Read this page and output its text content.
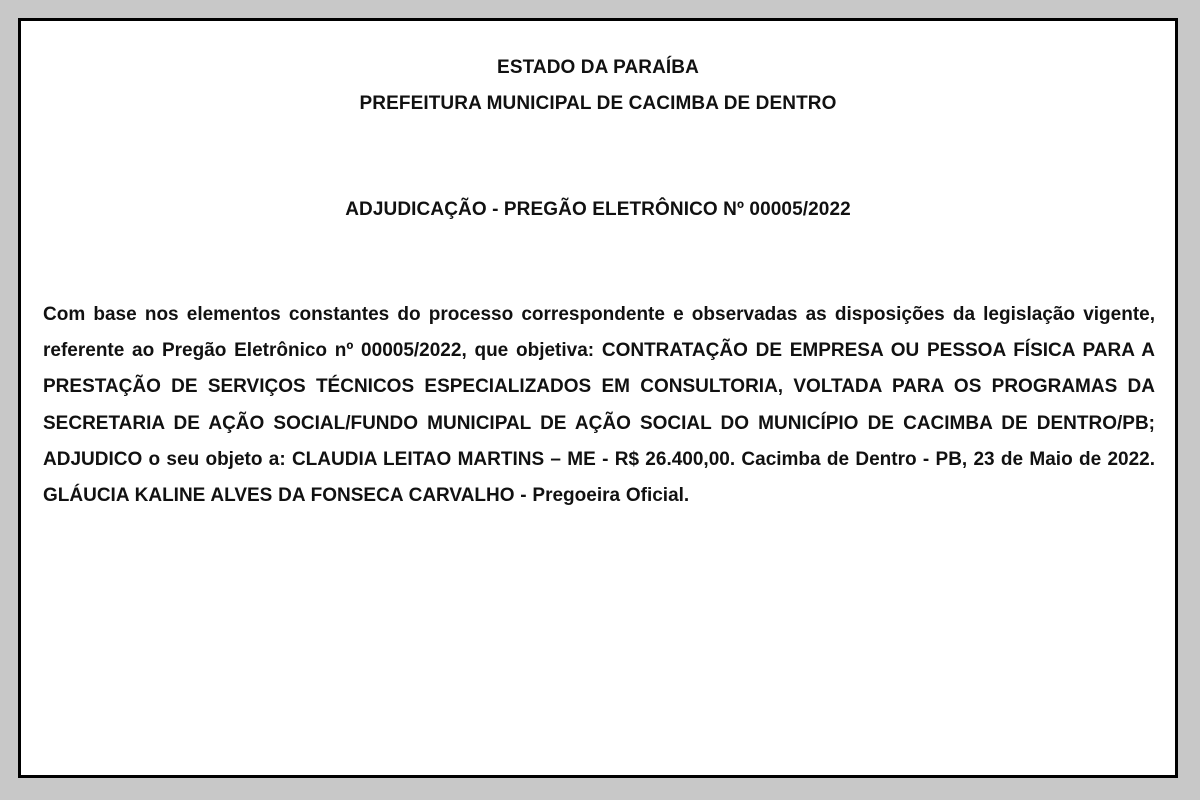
ESTADO DA PARAÍBA
PREFEITURA MUNICIPAL DE CACIMBA DE DENTRO
ADJUDICAÇÃO - PREGÃO ELETRÔNICO Nº 00005/2022
Com base nos elementos constantes do processo correspondente e observadas as disposições da legislação vigente, referente ao Pregão Eletrônico nº 00005/2022, que objetiva: CONTRATAÇÃO DE EMPRESA OU PESSOA FÍSICA PARA A PRESTAÇÃO DE SERVIÇOS TÉCNICOS ESPECIALIZADOS EM CONSULTORIA, VOLTADA PARA OS PROGRAMAS DA SECRETARIA DE AÇÃO SOCIAL/FUNDO MUNICIPAL DE AÇÃO SOCIAL DO MUNICÍPIO DE CACIMBA DE DENTRO/PB; ADJUDICO o seu objeto a: CLAUDIA LEITAO MARTINS – ME - R$ 26.400,00. Cacimba de Dentro - PB, 23 de Maio de 2022. GLÁUCIA KALINE ALVES DA FONSECA CARVALHO - Pregoeira Oficial.
